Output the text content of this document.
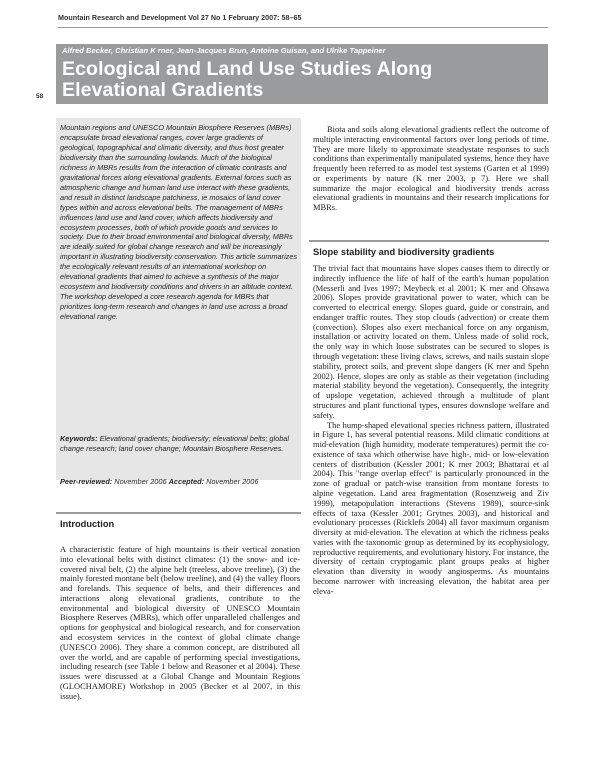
Mountain Research and Development Vol 27 No 1 February 2007: 58–65
58
Alfred Becker, Christian K rner, Jean-Jacques Brun, Antoine Guisan, and Ulrike Tappeiner
Ecological and Land Use Studies Along
Elevational Gradients
Mountain regions and UNESCO Mountain Biosphere Reserves (MBRs) encapsulate broad elevational ranges, cover large gradients of geological, topographical and climatic diversity, and thus host greater biodiversity than the surrounding lowlands. Much of the biological richness in MBRs results from the interaction of climatic contrasts and gravitational forces along elevational gradients. External forces such as atmospheric change and human land use interact with these gradients, and result in distinct landscape patchiness, ie mosaics of land cover types within and across elevational belts. The management of MBRs influences land use and land cover, which affects biodiversity and ecosystem processes, both of which provide goods and services to society. Due to their broad environmental and biological diversity, MBRs are ideally suited for global change research and will be increasingly important in illustrating biodiversity conservation. This article summarizes the ecologically relevant results of an international workshop on elevational gradients that aimed to achieve a synthesis of the major ecosystem and biodiversity conditions and drivers in an altitude context. The workshop developed a core research agenda for MBRs that prioritizes long-term research and changes in land use across a broad elevational range.
Keywords: Elevational gradients; biodiversity; elevational belts; global change research; land cover change; Mountain Biosphere Reserves.
Peer-reviewed: November 2006 Accepted: November 2006
Introduction

A characteristic feature of high mountains is their vertical zonation into elevational belts with distinct climates: (1) the snow- and ice-covered nival belt, (2) the alpine belt (treeless, above treeline), (3) the mainly forested montane belt (below treeline), and (4) the valley floors and forelands. This sequence of belts, and their differences and interactions along elevational gradients, contribute to the environmental and biological diversity of UNESCO Mountain Biosphere Reserves (MBRs), which offer unparalleled challenges and options for geophysical and biological research, and for conservation and ecosystem services in the context of global climate change (UNESCO 2006). They share a common concept, are distributed all over the world, and are capable of performing special investigations, including research (see Table 1 below and Reasoner et al 2004). These issues were discussed at a Global Change and Mountain Regions (GLOCHAMORE) Workshop in 2005 (Becker et al 2007, in this issue).

Biota and soils along elevational gradients reflect the outcome of multiple interacting environmental factors over long periods of time. They are more likely to approximate steadystate responses to such conditions than experimentally manipulated systems, hence they have frequently been referred to as model test systems (Garten et al 1999) or experiments by nature (K rner 2003, p 7). Here we shall summarize the major ecological and biodiversity trends across elevational gradients in mountains and their research implications for MBRs.

Slope stability and biodiversity gradients

The trivial fact that mountains have slopes causes them to directly or indirectly influence the life of half of the earth's human population (Messerli and Ives 1997; Meybeck et al 2001; K rner and Ohsawa 2006). Slopes provide gravitational power to water, which can be converted to electrical energy. Slopes guard, guide or constrain, and endanger traffic routes. They stop clouds (advection) or create them (convection). Slopes also exert mechanical force on any organism, installation or activity located on them. Unless made of solid rock, the only way in which loose substrates can be secured to slopes is through vegetation: these living claws, screws, and nails sustain slope stability, protect soils, and prevent slope dangers (K rner and Spehn 2002). Hence, slopes are only as stable as their vegetation (including material stability beyond the vegetation). Consequently, the integrity of upslope vegetation, achieved through a multitude of plant structures and plant functional types, ensures downslope welfare and safety.

The hump-shaped elevational species richness pattern, illustrated in Figure 1, has several potential reasons. Mild climatic conditions at mid-elevation (high humidity, moderate temperatures) permit the co-existence of taxa which otherwise have high-, mid- or low-elevation centers of distribution (Kessler 2001; K rner 2003; Bhattarai et al 2004). This "range overlap effect" is particularly pronounced in the zone of gradual or patch-wise transition from montane forests to alpine vegetation. Land area fragmentation (Rosenzweig and Ziv 1999), metapopulation interactions (Stevens 1989), source-sink effects of taxa (Kessler 2001; Grytnes 2003), and historical and evolutionary processes (Ricklefs 2004) all favor maximum organism diversity at mid-elevation. The elevation at which the richness peaks varies with the taxonomic group as determined by its ecophysiology, reproductive requirements, and evolutionary history. For instance, the diversity of certain cryptogamic plant groups peaks at higher elevation than diversity in woody angiosperms. As mountains become narrower with increasing elevation, the habitat area per eleva-
